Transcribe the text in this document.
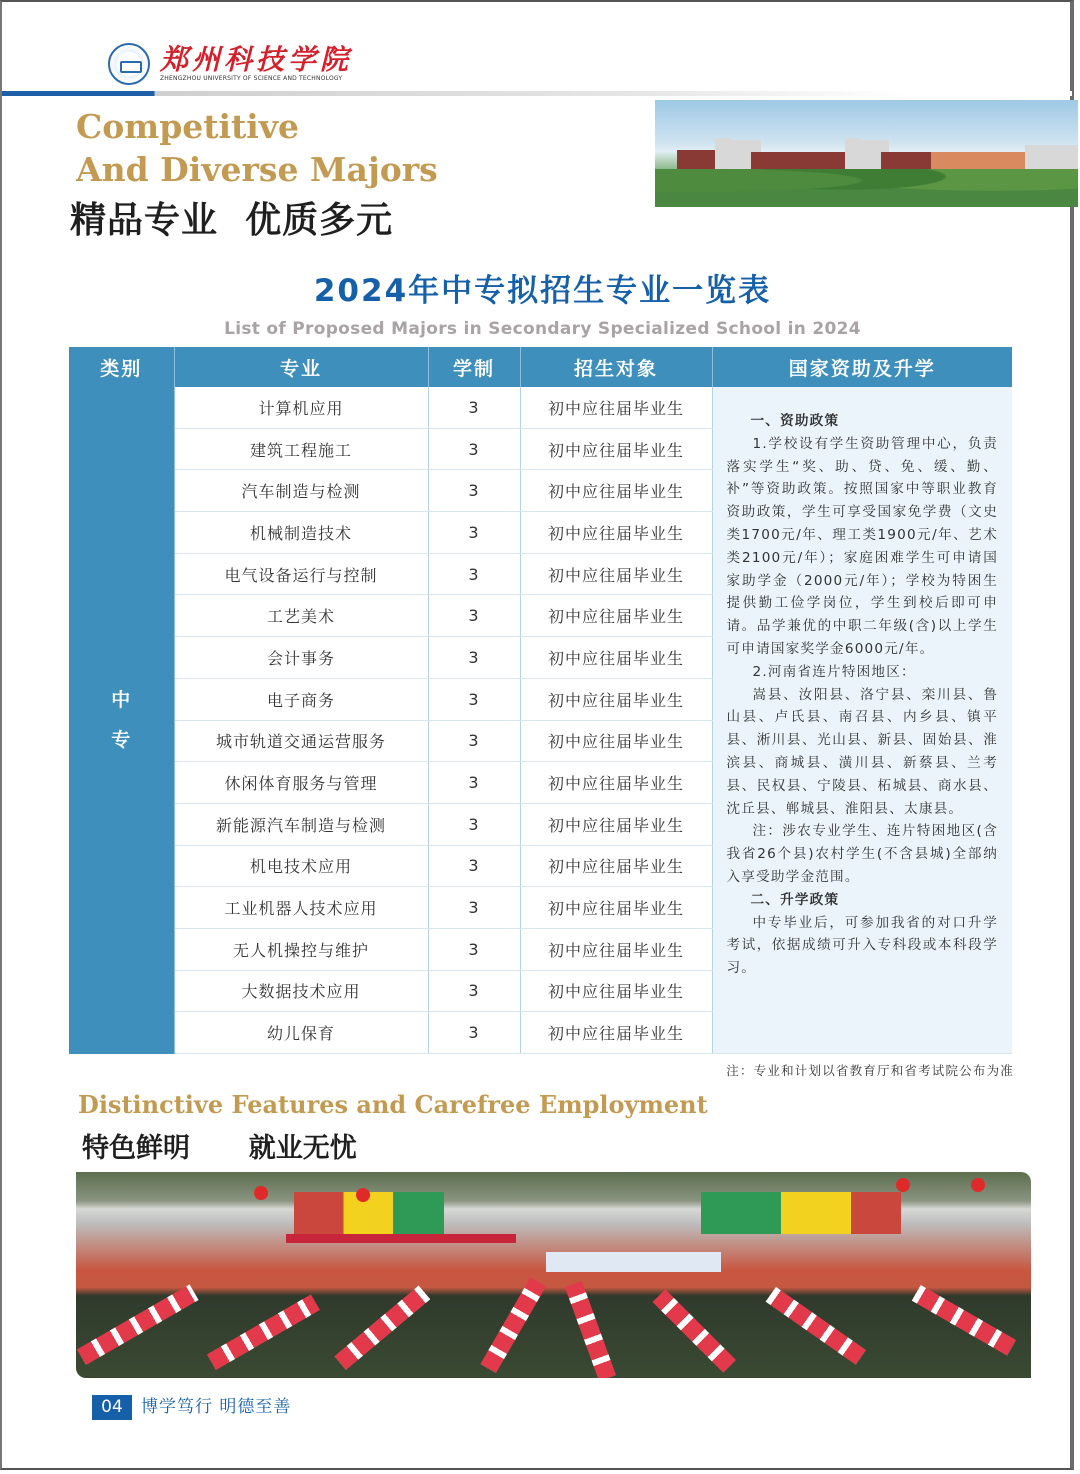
郑州科技学院
ZHENGZHOU UNIVERSITY OF SCIENCE AND TECHNOLOGY
Competitive
And Diverse Majors
精品专业  优质多元
2024年中专拟招生专业一览表
List of Proposed Majors in Secondary Specialized School in 2024
类别	专业	学制	招生对象	国家资助及升学

中
专
	计算机应用	3	初中应往届毕业生	

一、资助政策

1.学校设有学生资助管理中心，负责落实学生“奖、助、贷、免、缓、勤、补”等资助政策。按照国家中等职业教育资助政策，学生可享受国家免学费（文史类1700元/年、理工类1900元/年、艺术类2100元/年）；家庭困难学生可申请国家助学金（2000元/年）；学校为特困生提供勤工俭学岗位，学生到校后即可申请。品学兼优的中职二年级(含)以上学生可申请国家奖学金6000元/年。

2.河南省连片特困地区：

嵩县、汝阳县、洛宁县、栾川县、鲁山县、卢氏县、南召县、内乡县、镇平县、淅川县、光山县、新县、固始县、淮滨县、商城县、潢川县、新蔡县、兰考县、民权县、宁陵县、柘城县、商水县、沈丘县、郸城县、淮阳县、太康县。

注：涉农专业学生、连片特困地区(含我省26个县)农村学生(不含县城)全部纳入享受助学金范围。

二、升学政策

中专毕业后，可参加我省的对口升学考试，依据成绩可升入专科段或本科段学习。

	建筑工程施工	3	初中应往届毕业生	
	汽车制造与检测	3	初中应往届毕业生	
	机械制造技术	3	初中应往届毕业生	
	电气设备运行与控制	3	初中应往届毕业生	
	工艺美术	3	初中应往届毕业生	
	会计事务	3	初中应往届毕业生	
	电子商务	3	初中应往届毕业生	
	城市轨道交通运营服务	3	初中应往届毕业生	
	休闲体育服务与管理	3	初中应往届毕业生	
	新能源汽车制造与检测	3	初中应往届毕业生	
	机电技术应用	3	初中应往届毕业生	
	工业机器人技术应用	3	初中应往届毕业生	
	无人机操控与维护	3	初中应往届毕业生	
	大数据技术应用	3	初中应往届毕业生	
	幼儿保育	3	初中应往届毕业生	
注：专业和计划以省教育厅和省考试院公布为准
Distinctive Features and Carefree Employment
特色鲜明  就业无忧
04	博学笃行 明德至善
